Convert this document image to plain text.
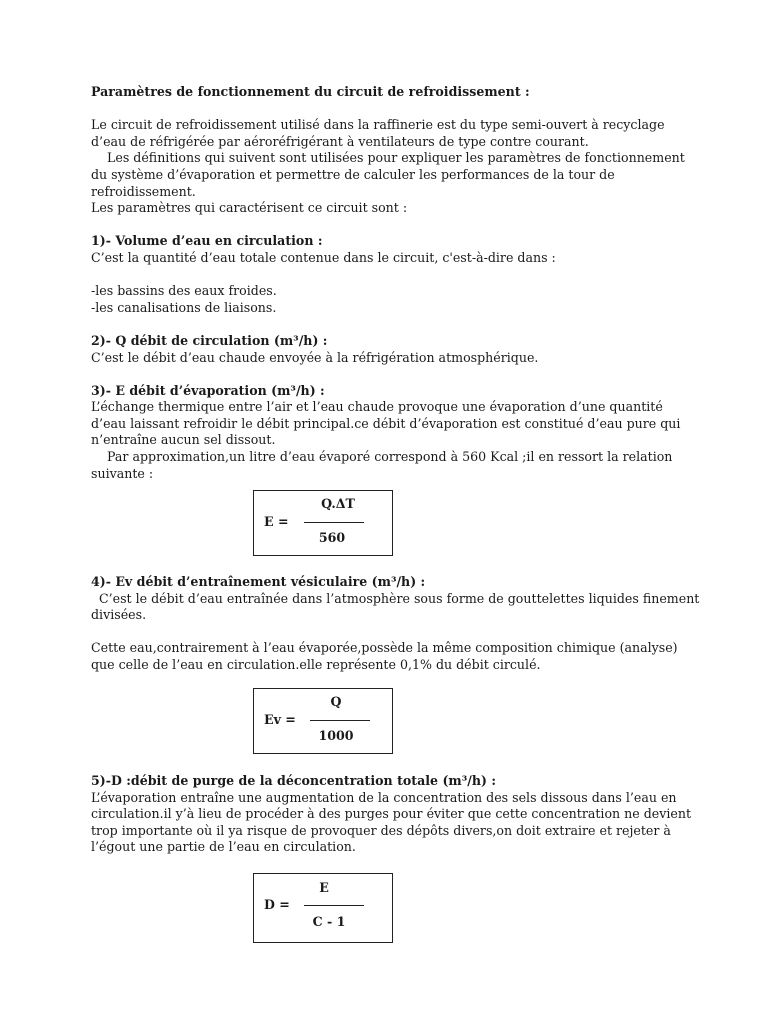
Paramètres de fonctionnement du circuit de refroidissement :
Le circuit de refroidissement utilisé dans la raffinerie est du type semi-ouvert à recyclage
d’eau de réfrigérée par aéroréfrigérant à ventilateurs de type contre courant.
Les définitions qui suivent sont utilisées pour expliquer les paramètres de fonctionnement
du système d’évaporation et permettre de calculer les performances de la tour de
refroidissement.
Les paramètres qui caractérisent ce circuit sont :
1)- Volume d’eau en circulation :
C’est la quantité d’eau totale contenue dans le circuit, c'est-à-dire dans :
-les bassins des eaux froides.
-les canalisations de liaisons.
2)- Q débit de circulation (m³/h) :
C’est le débit d’eau chaude envoyée à la réfrigération atmosphérique.
3)- E débit d’évaporation (m³/h) :
L’échange thermique entre l’air et l’eau chaude provoque une évaporation d’une quantité
d’eau laissant refroidir le débit principal.ce débit d’évaporation est constitué d’eau pure qui
n’entraîne aucun sel dissout.
Par approximation,un litre d’eau évaporé correspond à 560 Kcal ;il en ressort la relation
suivante :
E =
Q.ΔT
560
4)- Ev débit d’entraînement vésiculaire (m³/h) :
C’est le débit d’eau entraînée dans l’atmosphère sous forme de gouttelettes liquides finement
divisées.
Cette eau,contrairement à l’eau évaporée,possède la même composition chimique (analyse)
que celle de l’eau en circulation.elle représente 0,1% du débit circulé.
Ev =
Q
1000
5)-D :débit de purge de la déconcentration totale (m³/h) :
L’évaporation entraîne une augmentation de la concentration des sels dissous dans l’eau en
circulation.il y’à lieu de procéder à des purges pour éviter que cette concentration ne devient
trop importante où il ya risque de provoquer des dépôts divers,on doit extraire et rejeter à
l’égout une partie de l’eau en circulation.
D =
E
C - 1
